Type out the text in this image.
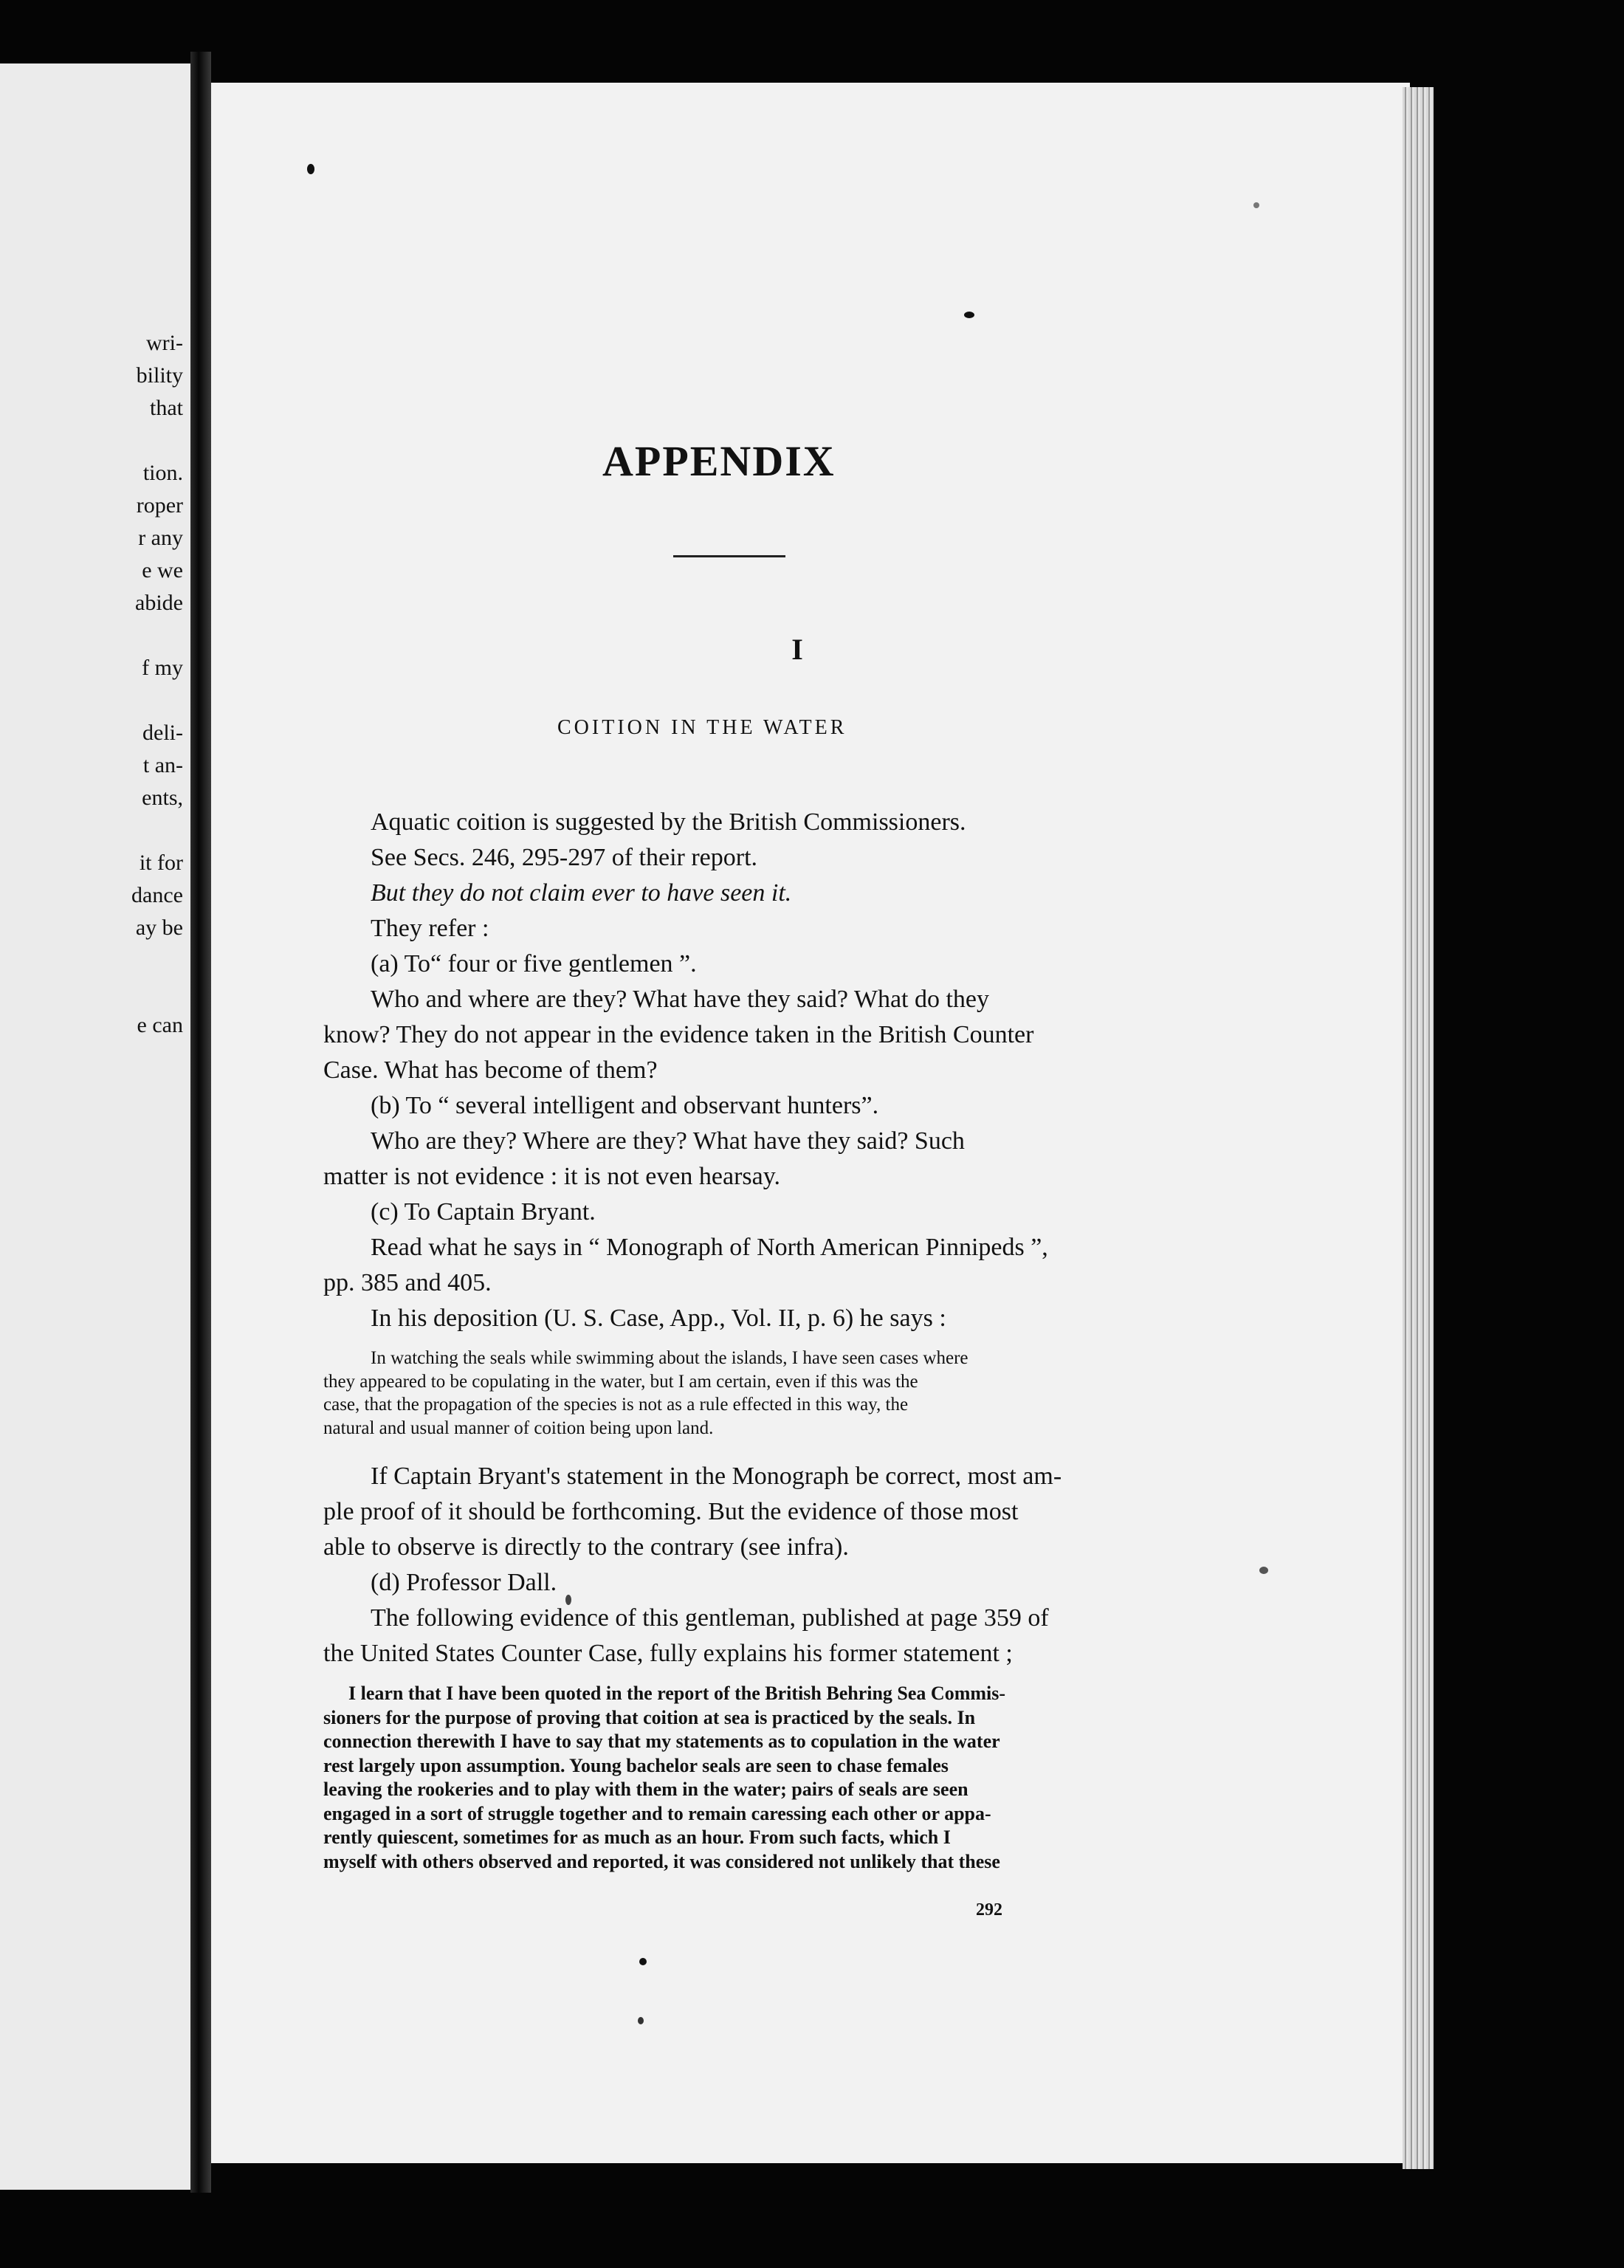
wri-
bility
that
tion.
roper
r any
e we
abide
f my
deli-
t an-
ents,
it for
dance
ay be
e can
APPENDIX
I
COITION IN THE WATER
Aquatic coition is suggested by the British Commissioners.
See Secs. 246, 295-297 of their report.
But they do not claim ever to have seen it.
They refer :
(a) To“ four or five gentlemen ”.
Who and where are they? What have they said? What do they
know? They do not appear in the evidence taken in the British Counter
Case. What has become of them?
(b) To “ several intelligent and observant hunters”.
Who are they? Where are they? What have they said? Such
matter is not evidence : it is not even hearsay.
(c) To Captain Bryant.
Read what he says in “ Monograph of North American Pinnipeds ”,
pp. 385 and 405.
In his deposition (U. S. Case, App., Vol. II, p. 6) he says :
In watching the seals while swimming about the islands, I have seen cases where
they appeared to be copulating in the water, but I am certain, even if this was the
case, that the propagation of the species is not as a rule effected in this way, the
natural and usual manner of coition being upon land.
If Captain Bryant's statement in the Monograph be correct, most am-
ple proof of it should be forthcoming. But the evidence of those most
able to observe is directly to the contrary (see infra).
(d) Professor Dall.
The following evidence of this gentleman, published at page 359 of
the United States Counter Case, fully explains his former statement ;
I learn that I have been quoted in the report of the British Behring Sea Commis-
sioners for the purpose of proving that coition at sea is practiced by the seals. In
connection therewith I have to say that my statements as to copulation in the water
rest largely upon assumption. Young bachelor seals are seen to chase females
leaving the rookeries and to play with them in the water; pairs of seals are seen
engaged in a sort of struggle together and to remain caressing each other or appa-
rently quiescent, sometimes for as much as an hour. From such facts, which I
myself with others observed and reported, it was considered not unlikely that these
292
